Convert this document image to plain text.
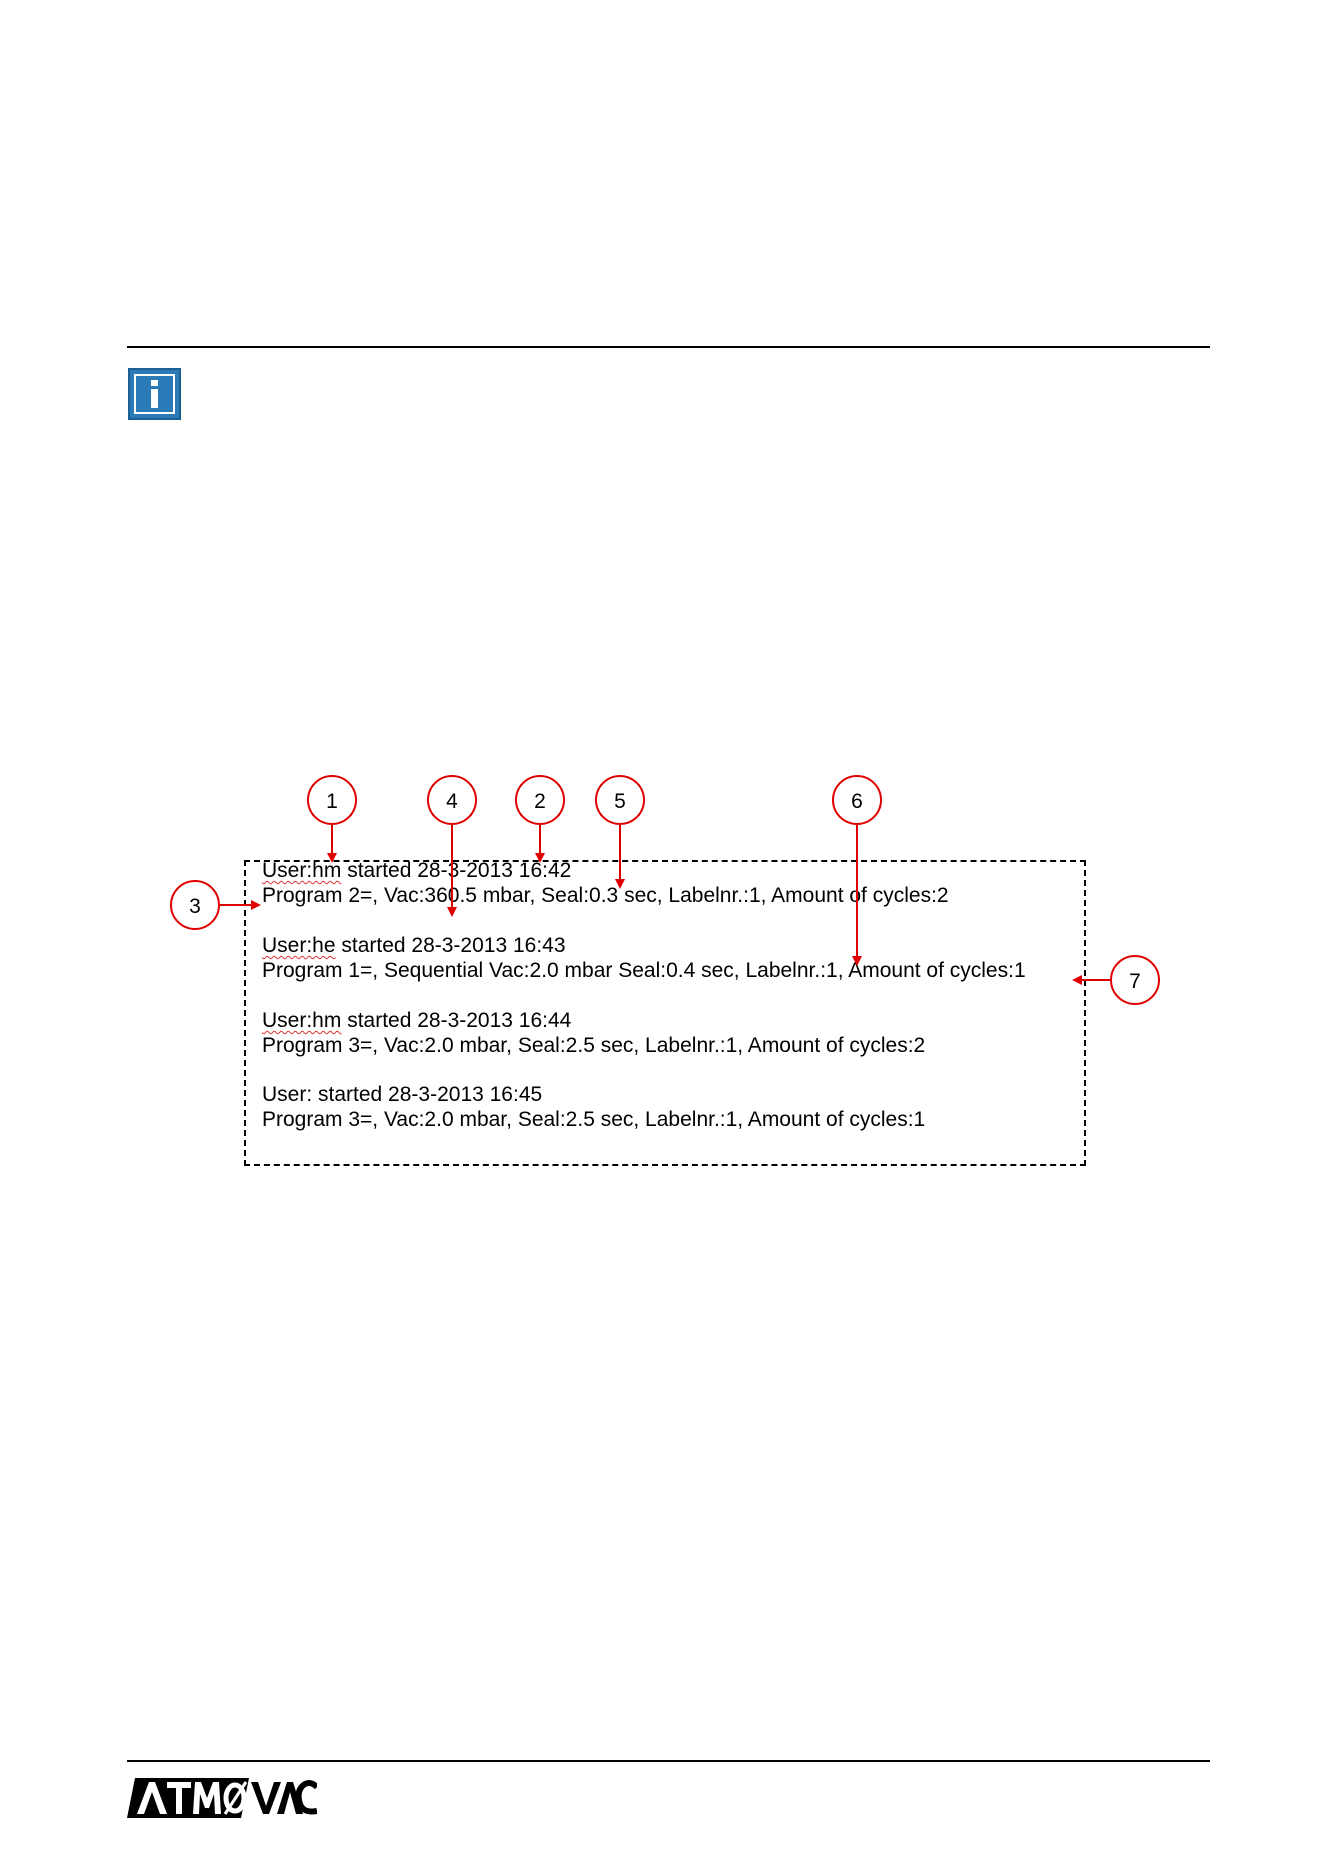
User:hm started 28-3-2013 16:42
Program 2=, Vac:360.5 mbar, Seal:0.3 sec, Labelnr.:1, Amount of cycles:2
User:he started 28-3-2013 16:43
Program 1=, Sequential Vac:2.0 mbar Seal:0.4 sec, Labelnr.:1, Amount of cycles:1
User:hm started 28-3-2013 16:44
Program 3=, Vac:2.0 mbar, Seal:2.5 sec, Labelnr.:1, Amount of cycles:2
User: started 28-3-2013 16:45
Program 3=, Vac:2.0 mbar, Seal:2.5 sec, Labelnr.:1, Amount of cycles:1
1	4	2	5	6
3
7
